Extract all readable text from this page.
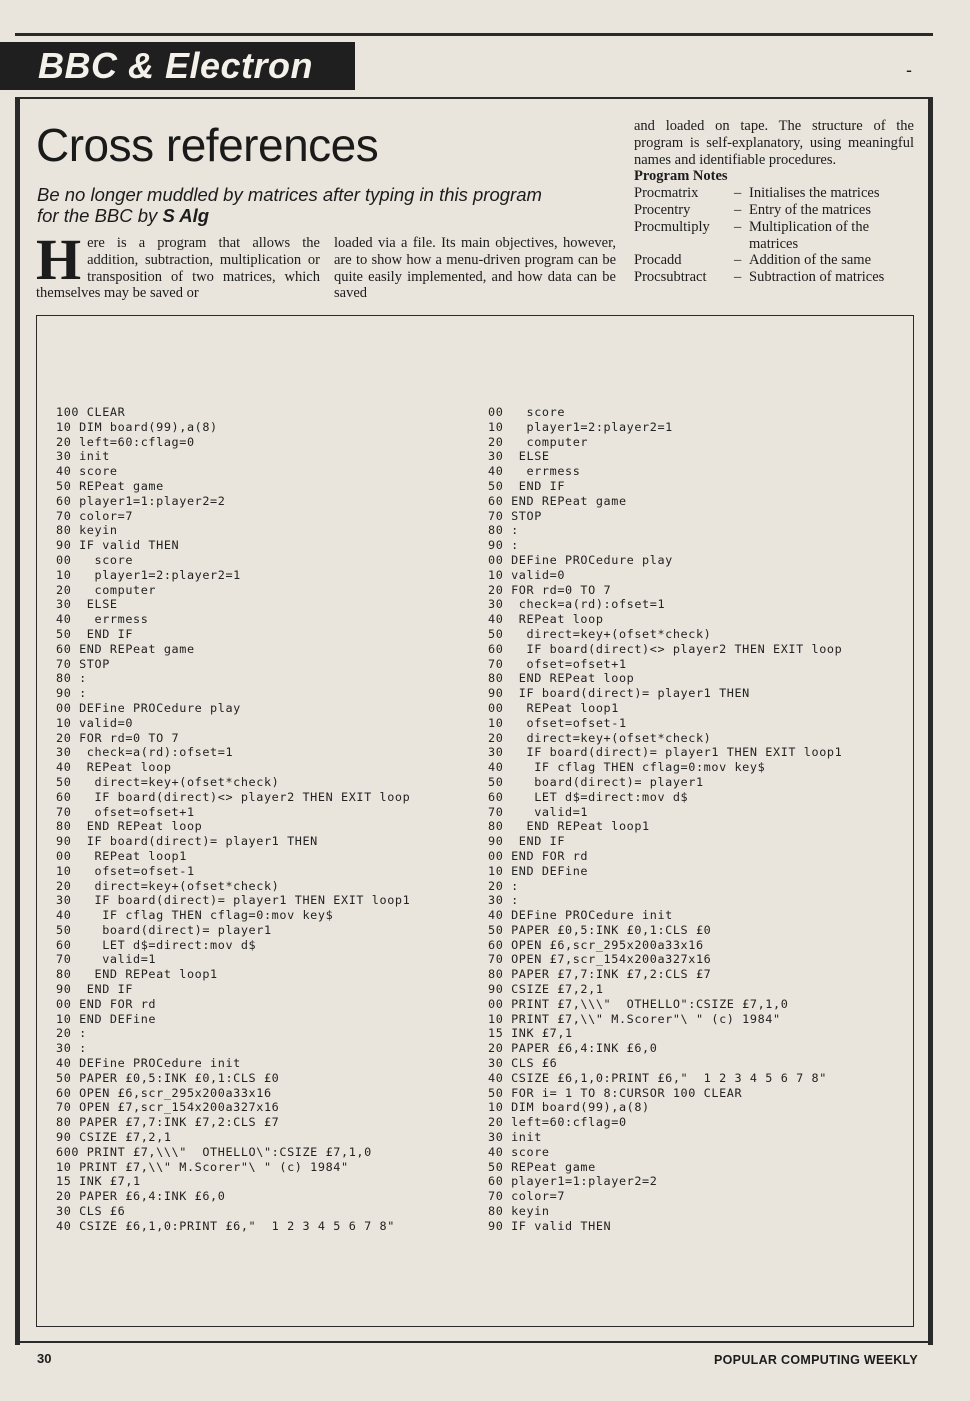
BBC & Electron	-
Cross references
Be no longer muddled by matrices after typing in this program for the BBC by S Alg
Here is a program that allows the addition, subtraction, multiplication or transposition of two matrices, which themselves may be saved or
loaded via a file. Its main objectives, however, are to show how a menu-driven program can be quite easily implemented, and how data can be saved
and loaded on tape. The structure of the program is self-explanatory, using meaningful names and identifiable procedures.
Program Notes
Procmatrix	– Initialises the matrices
Procentry	– Entry of the matrices
Procmultiply	– Multiplication of the matrices
Procadd	– Addition of the same
Procsubtract	– Subtraction of matrices
100 CLEAR
10 DIM board(99),a(8)
20 left=60:cflag=0
30 init
40 score
50 REPeat game
60 player1=1:player2=2
70 color=7
80 keyin
90 IF valid THEN
00   score
10   player1=2:player2=1
20   computer
30  ELSE
40   errmess
50  END IF
60 END REPeat game
70 STOP
80 :
90 :
00 DEFine PROCedure play
10 valid=0
20 FOR rd=0 TO 7
30  check=a(rd):ofset=1
40  REPeat loop
50   direct=key+(ofset*check)
60   IF board(direct)<> player2 THEN EXIT loop
70   ofset=ofset+1
80  END REPeat loop
90  IF board(direct)= player1 THEN
00   REPeat loop1
10   ofset=ofset-1
20   direct=key+(ofset*check)
30   IF board(direct)= player1 THEN EXIT loop1
40    IF cflag THEN cflag=0:mov key$
50    board(direct)= player1
60    LET d$=direct:mov d$
70    valid=1
80   END REPeat loop1
90  END IF
00 END FOR rd
10 END DEFine
20 :
30 :
40 DEFine PROCedure init
50 PAPER £0,5:INK £0,1:CLS £0
60 OPEN £6,scr_295x200a33x16
70 OPEN £7,scr_154x200a327x16
80 PAPER £7,7:INK £7,2:CLS £7
90 CSIZE £7,2,1
600 PRINT £7,\\\"  OTHELLO\":CSIZE £7,1,0
10 PRINT £7,\\" M.Scorer"\ " (c) 1984"
15 INK £7,1
20 PAPER £6,4:INK £6,0
30 CLS £6
40 CSIZE £6,1,0:PRINT £6,"  1 2 3 4 5 6 7 8"
00   score
10   player1=2:player2=1
20   computer
30  ELSE
40   errmess
50  END IF
60 END REPeat game
70 STOP
80 :
90 :
00 DEFine PROCedure play
10 valid=0
20 FOR rd=0 TO 7
30  check=a(rd):ofset=1
40  REPeat loop
50   direct=key+(ofset*check)
60   IF board(direct)<> player2 THEN EXIT loop
70   ofset=ofset+1
80  END REPeat loop
90  IF board(direct)= player1 THEN
00   REPeat loop1
10   ofset=ofset-1
20   direct=key+(ofset*check)
30   IF board(direct)= player1 THEN EXIT loop1
40    IF cflag THEN cflag=0:mov key$
50    board(direct)= player1
60    LET d$=direct:mov d$
70    valid=1
80   END REPeat loop1
90  END IF
00 END FOR rd
10 END DEFine
20 :
30 :
40 DEFine PROCedure init
50 PAPER £0,5:INK £0,1:CLS £0
60 OPEN £6,scr_295x200a33x16
70 OPEN £7,scr_154x200a327x16
80 PAPER £7,7:INK £7,2:CLS £7
90 CSIZE £7,2,1
00 PRINT £7,\\\"  OTHELLO":CSIZE £7,1,0
10 PRINT £7,\\" M.Scorer"\ " (c) 1984"
15 INK £7,1
20 PAPER £6,4:INK £6,0
30 CLS £6
40 CSIZE £6,1,0:PRINT £6,"  1 2 3 4 5 6 7 8"
50 FOR i= 1 TO 8:CURSOR 100 CLEAR
10 DIM board(99),a(8)
20 left=60:cflag=0
30 init
40 score
50 REPeat game
60 player1=1:player2=2
70 color=7
80 keyin
90 IF valid THEN
30	POPULAR COMPUTING WEEKLY
